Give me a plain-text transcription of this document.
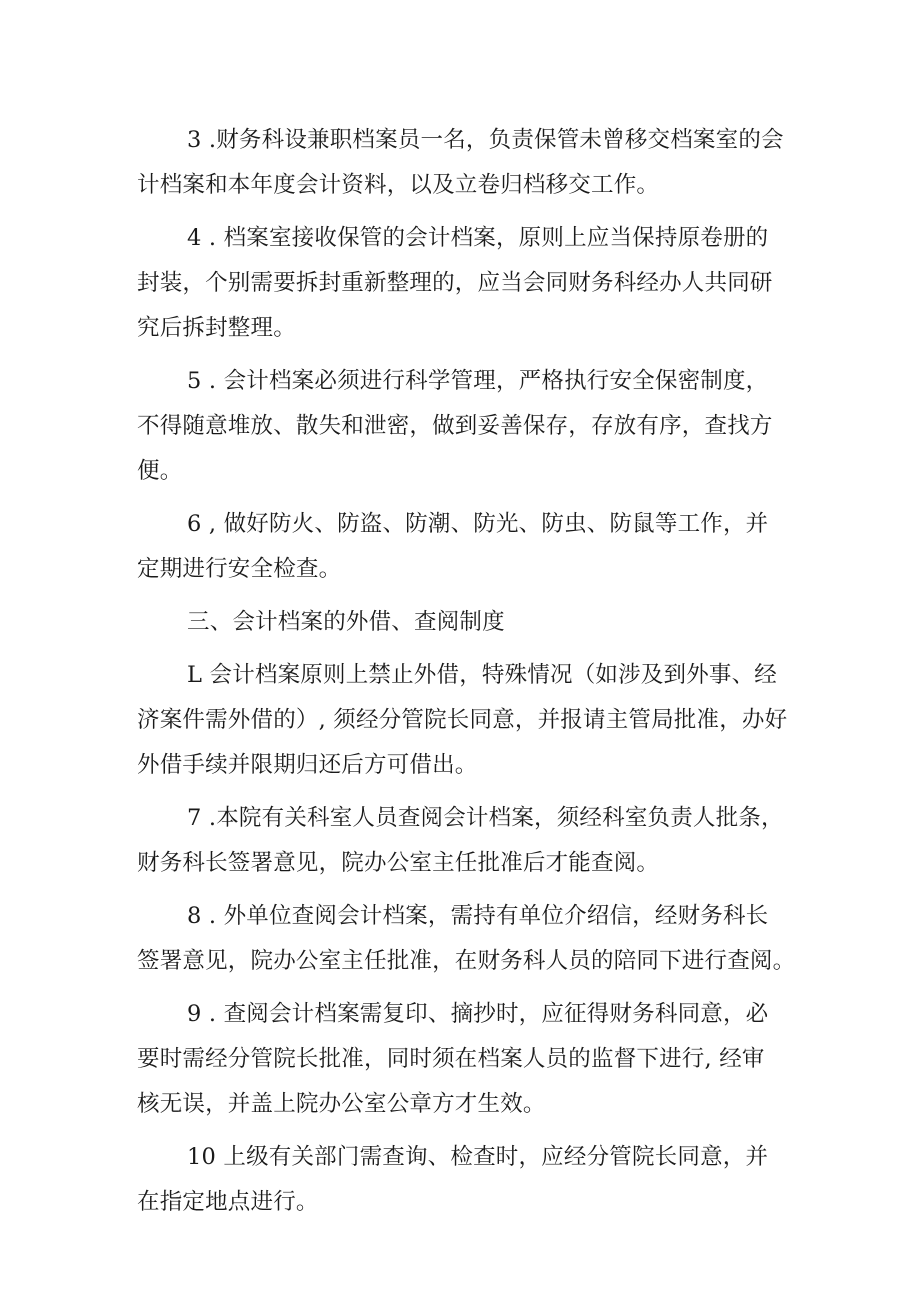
3 .财务科设兼职档案员一名，负责保管未曾移交档案室的会
计档案和本年度会计资料，以及立卷归档移交工作。

4 . 档案室接收保管的会计档案，原则上应当保持原卷册的
封装，个别需要拆封重新整理的，应当会同财务科经办人共同研
究后拆封整理。

5 . 会计档案必须进行科学管理，严格执行安全保密制度，
不得随意堆放、散失和泄密，做到妥善保存，存放有序，查找方
便。

6 , 做好防火、防盗、防潮、防光、防虫、防鼠等工作，并
定期进行安全检查。

三、会计档案的外借、查阅制度

L 会计档案原则上禁止外借，特殊情况（如涉及到外事、经
济案件需外借的）, 须经分管院长同意，并报请主管局批准，办好
外借手续并限期归还后方可借出。

7 .本院有关科室人员查阅会计档案，须经科室负责人批条，
财务科长签署意见，院办公室主任批准后才能查阅。

8 . 外单位查阅会计档案，需持有单位介绍信，经财务科长
签署意见，院办公室主任批准，在财务科人员的陪同下进行查阅。

9 . 查阅会计档案需复印、摘抄时，应征得财务科同意，必
要时需经分管院长批准，同时须在档案人员的监督下进行, 经审
核无误，并盖上院办公室公章方才生效。

10 上级有关部门需查询、检查时，应经分管院长同意，并
在指定地点进行。
